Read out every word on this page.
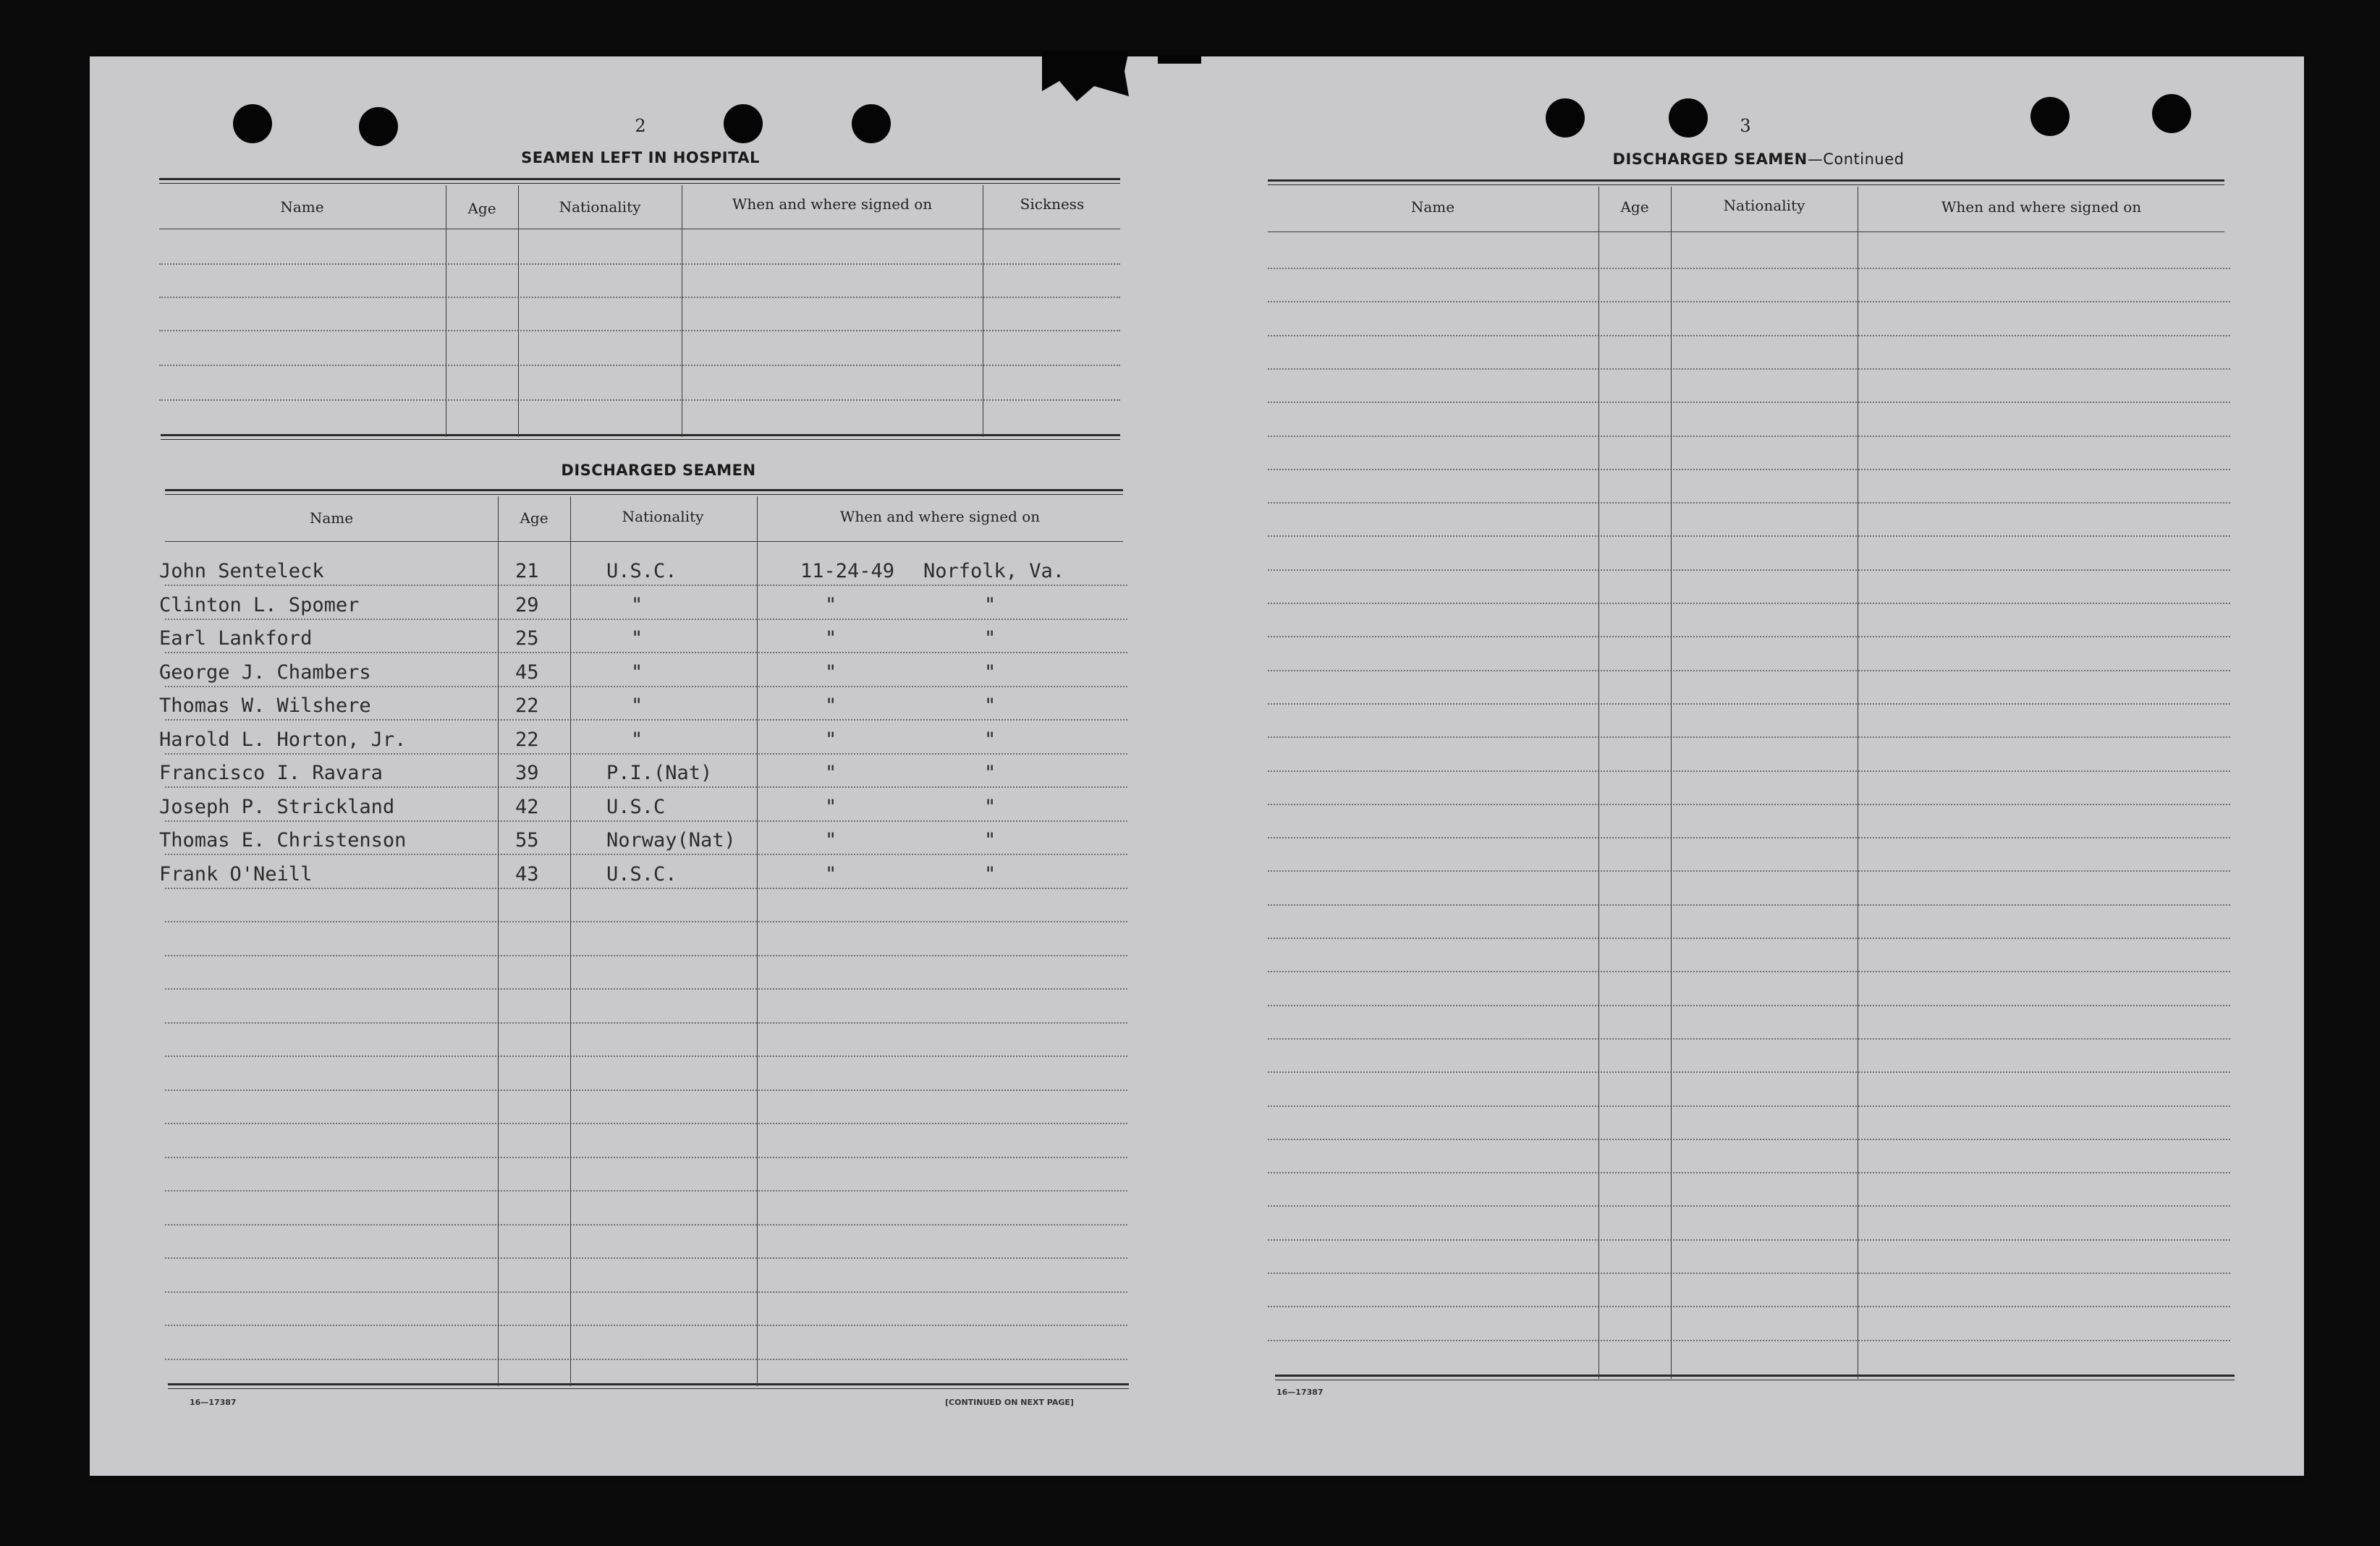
2
SEAMEN LEFT IN HOSPITAL
Name	Age	Nationality	When and where signed on	Sickness
DISCHARGED SEAMEN
Name	Age	Nationality	When and where signed on
John Senteleck	21	U.S.C.	11-24-49 Norfolk, Va.
Clinton L. Spomer	29	"	"	"
Earl Lankford	25	"	"	"
George J. Chambers	45	"	"	"
Thomas W. Wilshere	22	"	"	"
Harold L. Horton, Jr.	22	"	"	"
Francisco I. Ravara	39	P.I.(Nat)	"	"
Joseph P. Strickland	42	U.S.C	"	"
Thomas E. Christenson	55	Norway(Nat)	"	"
Frank O'Neill	43	U.S.C.	"	"
16—17387	[CONTINUED ON NEXT PAGE]
3
DISCHARGED SEAMEN—Continued
Name	Age	Nationality	When and where signed on
16—17387
